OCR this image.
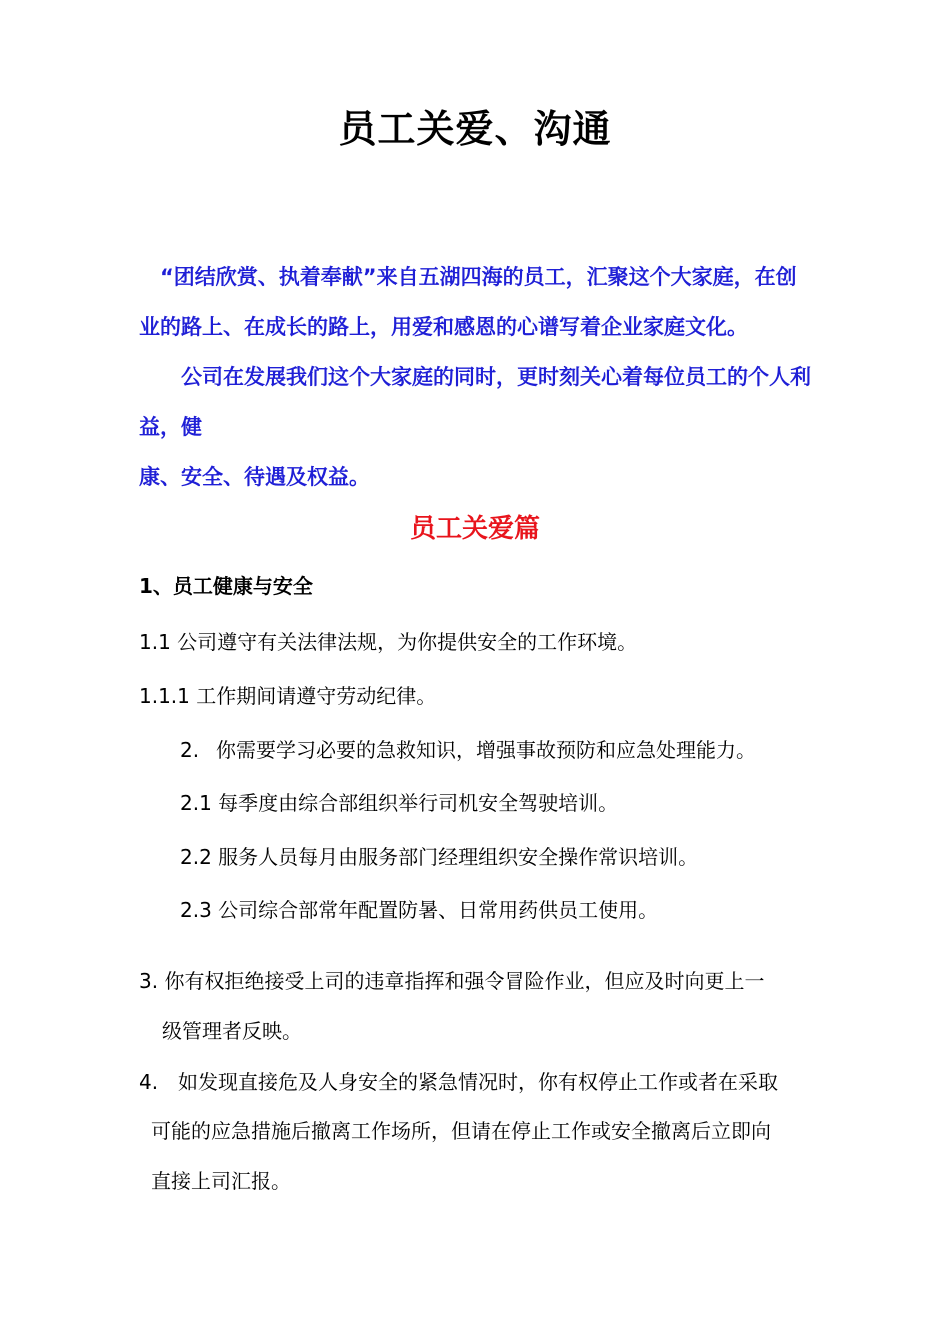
员工关爱、沟通
“团结欣赏、执着奉献”来自五湖四海的员工，汇聚这个大家庭，在创
业的路上、在成长的路上，用爱和感恩的心谱写着企业家庭文化。
公司在发展我们这个大家庭的同时，更时刻关心着每位员工的个人利
益，健
康、安全、待遇及权益。
员工关爱篇
1、员工健康与安全
1.1 公司遵守有关法律法规，为你提供安全的工作环境。
1.1.1 工作期间请遵守劳动纪律。
2. 你需要学习必要的急救知识，增强事故预防和应急处理能力。
2.1 每季度由综合部组织举行司机安全驾驶培训。
2.2 服务人员每月由服务部门经理组织安全操作常识培训。
2.3 公司综合部常年配置防暑、日常用药供员工使用。
3. 你有权拒绝接受上司的违章指挥和强令冒险作业，但应及时向更上一
级管理者反映。
4. 如发现直接危及人身安全的紧急情况时，你有权停止工作或者在采取
可能的应急措施后撤离工作场所，但请在停止工作或安全撤离后立即向
直接上司汇报。
